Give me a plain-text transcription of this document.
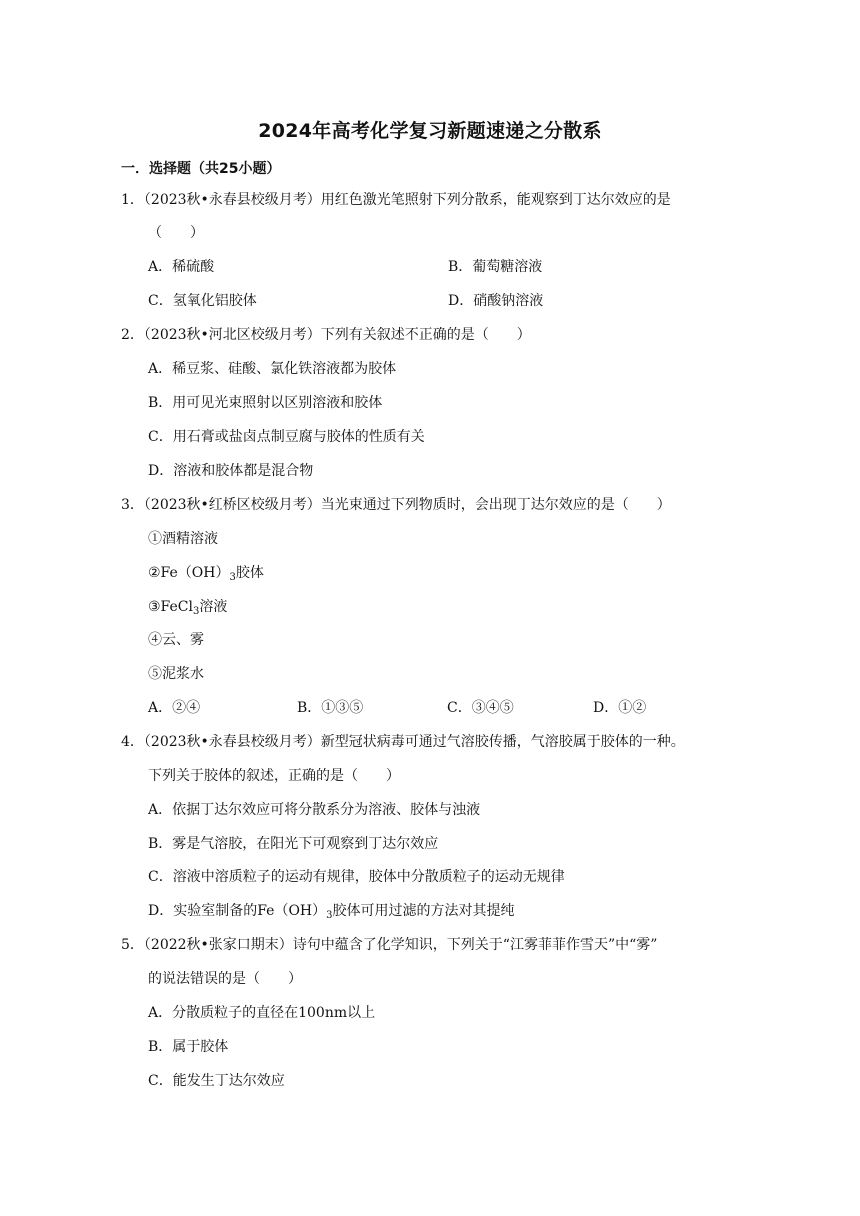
2024年高考化学复习新题速递之分散系
一．选择题（共25小题）
1．（2023秋•永春县校级月考）用红色激光笔照射下列分散系，能观察到丁达尔效应的是
（　　）
A．稀硫酸	B．葡萄糖溶液
C．氢氧化铝胶体	D．硝酸钠溶液
2．（2023秋•河北区校级月考）下列有关叙述不正确的是（　　）
A．稀豆浆、硅酸、氯化铁溶液都为胶体
B．用可见光束照射以区别溶液和胶体
C．用石膏或盐卤点制豆腐与胶体的性质有关
D．溶液和胶体都是混合物
3．（2023秋•红桥区校级月考）当光束通过下列物质时，会出现丁达尔效应的是（　　）
①酒精溶液
$②Fe(OH)_3$胶体
③FeCl$_3$溶液
④云、雾
⑤泥浆水
A．②④	B．①③⑤	C．③④⑤	D．①②
4．（2023秋•永春县校级月考）新型冠状病毒可通过气溶胶传播，气溶胶属于胶体的一种。
下列关于胶体的叙述，正确的是（　　）
A．依据丁达尔效应可将分散系分为溶液、胶体与浊液
B．雾是气溶胶，在阳光下可观察到丁达尔效应
C．溶液中溶质粒子的运动有规律，胶体中分散质粒子的运动无规律
D．实验室制备的$Fe(OH)_3$胶体可用过滤的方法对其提纯
5．（2022秋•张家口期末）诗句中蕴含了化学知识，下列关于“江雾菲菲作雪天”中“雾”
的说法错误的是（　　）
A．分散质粒子的直径在100nm以上
B．属于胶体
C．能发生丁达尔效应
